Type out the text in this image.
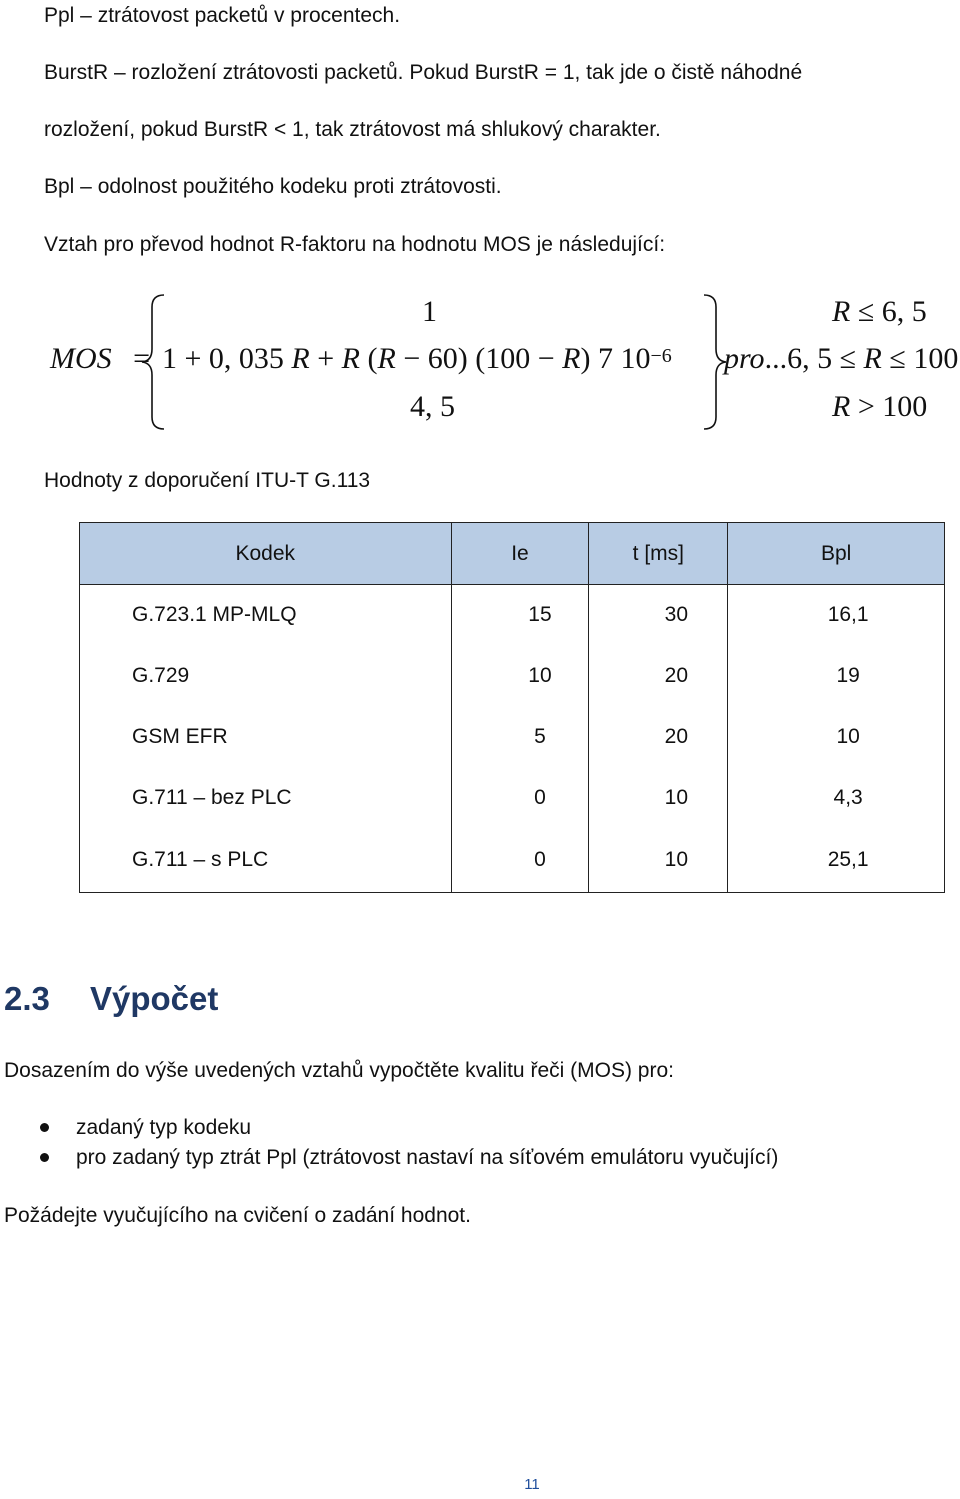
Ppl – ztrátovost packetů v procentech.
BurstR – rozložení ztrátovosti packetů. Pokud BurstR = 1, tak jde o čistě náhodné
rozložení, pokud BurstR < 1, tak ztrátovost má shlukový charakter.
Bpl – odolnost použitého kodeku proti ztrátovosti.
Vztah pro převod hodnot R-faktoru na hodnotu MOS je následující:
MOS =
1
1 + 0, 035 R + R (R − 60) (100 − R) 7 $10^{-6}$
4, 5
R ≤ 6, 5
pro...6, 5 ≤ R ≤ 100
R > 100
Hodnoty z doporučení ITU-T G.113
Kodek	Ie	t [ms]	Bpl
G.723.1 MP-MLQ	15	30	16,1
G.729	10	20	19
GSM EFR	5	20	10
G.711 – bez PLC	0	10	4,3
G.711 – s PLC	0	10	25,1
2.3 Výpočet
Dosazením do výše uvedených vztahů vypočtěte kvalitu řeči (MOS) pro:
zadaný typ kodeku
pro zadaný typ ztrát Ppl (ztrátovost nastaví na síťovém emulátoru vyučující)
Požádejte vyučujícího na cvičení o zadání hodnot.
11
